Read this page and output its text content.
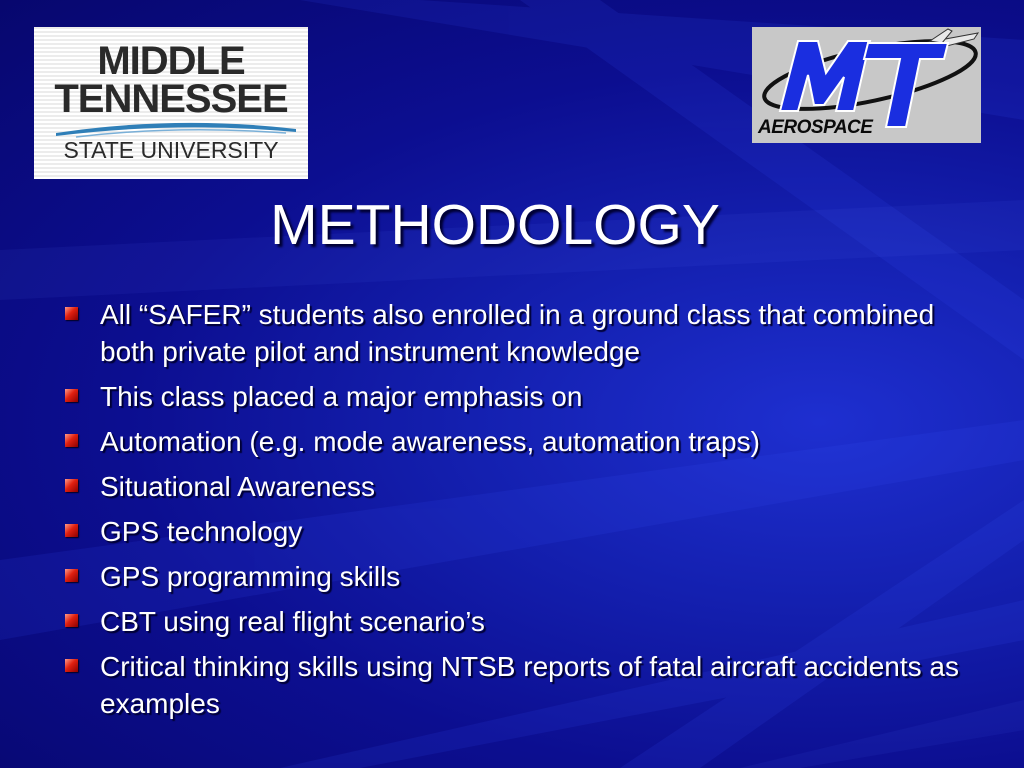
MIDDLE
TENNESSEE
STATE UNIVERSITY
AEROSPACE
METHODOLOGY
All “SAFER” students also enrolled in a ground class that combined both private pilot and instrument knowledge
This class placed a major emphasis on
Automation (e.g. mode awareness, automation traps)
Situational Awareness
GPS technology
GPS programming skills
CBT using real flight scenario’s
Critical thinking skills using NTSB reports of fatal aircraft accidents as examples
